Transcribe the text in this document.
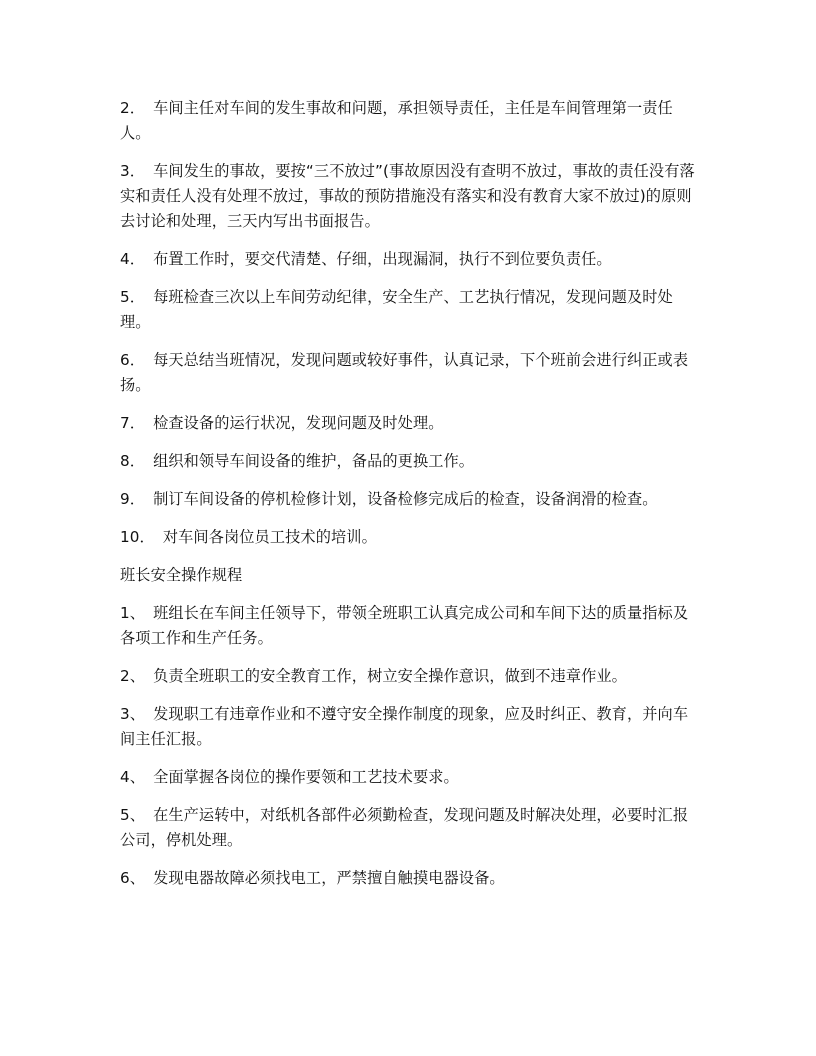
2． 车间主任对车间的发生事故和问题，承担领导责任，主任是车间管理第一责任人。

3． 车间发生的事故，要按“三不放过”(事故原因没有查明不放过，事故的责任没有落实和责任人没有处理不放过，事故的预防措施没有落实和没有教育大家不放过)的原则去讨论和处理，三天内写出书面报告。

4． 布置工作时，要交代清楚、仔细，出现漏洞，执行不到位要负责任。

5． 每班检查三次以上车间劳动纪律，安全生产、工艺执行情况，发现问题及时处理。

6． 每天总结当班情况，发现问题或较好事件，认真记录，下个班前会进行纠正或表扬。

7． 检查设备的运行状况，发现问题及时处理。

8． 组织和领导车间设备的维护，备品的更换工作。

9． 制订车间设备的停机检修计划，设备检修完成后的检查，设备润滑的检查。

10． 对车间各岗位员工技术的培训。

班长安全操作规程

1、 班组长在车间主任领导下，带领全班职工认真完成公司和车间下达的质量指标及各项工作和生产任务。

2、 负责全班职工的安全教育工作，树立安全操作意识，做到不违章作业。

3、 发现职工有违章作业和不遵守安全操作制度的现象，应及时纠正、教育，并向车间主任汇报。

4、 全面掌握各岗位的操作要领和工艺技术要求。

5、 在生产运转中，对纸机各部件必须勤检查，发现问题及时解决处理，必要时汇报公司，停机处理。

6、 发现电器故障必须找电工，严禁擅自触摸电器设备。
